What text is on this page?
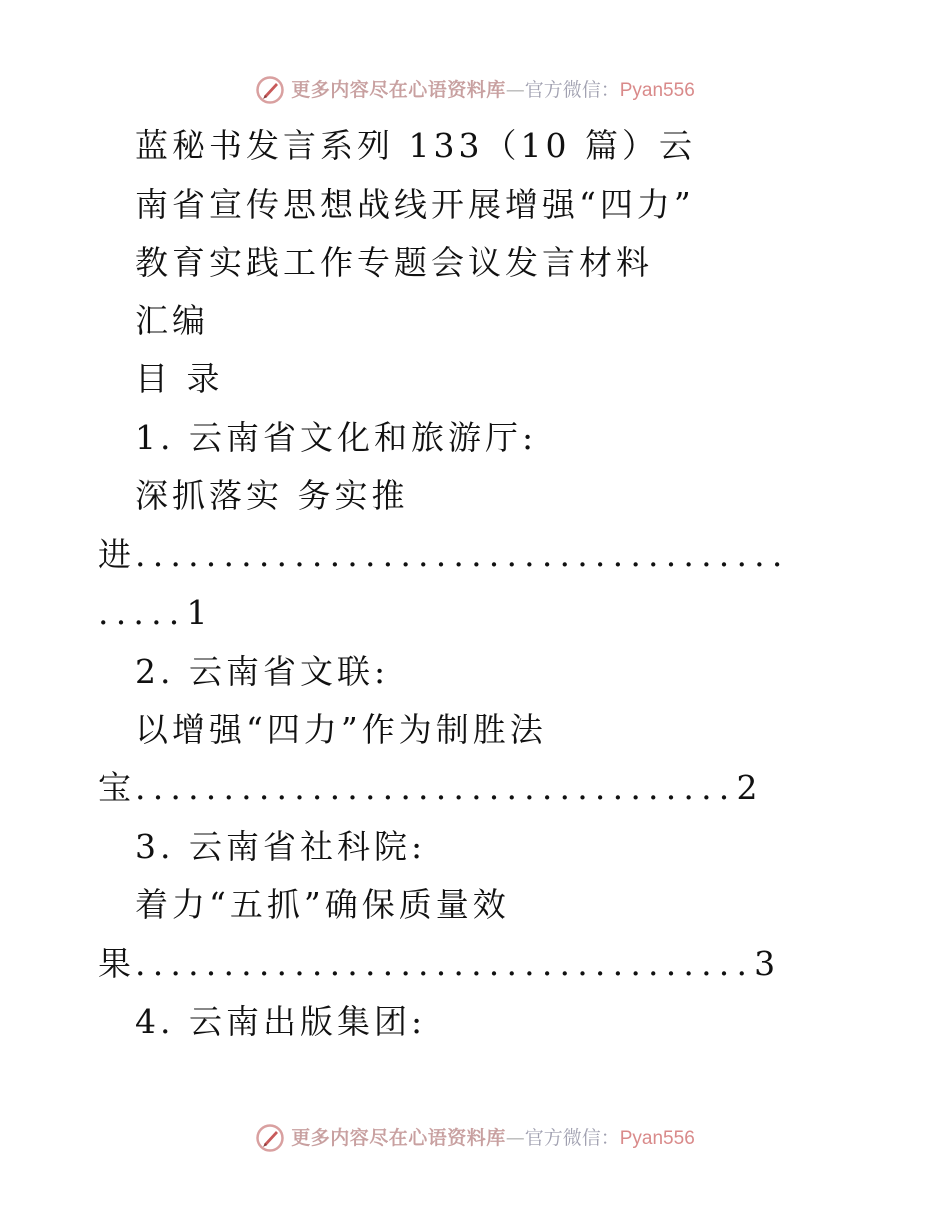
更多内容尽在心语资料库 — 官方微信： Pyan556
蓝秘书发言系列 133（10 篇）云
南省宣传思想战线开展增强“四力”
教育实践工作专题会议发言材料
汇编
目 录
1. 云南省文化和旅游厅:
深抓落实 务实推
进.....................................
.....1
2. 云南省文联:
以增强“四力”作为制胜法
宝..................................2
3. 云南省社科院:
着力“五抓”确保质量效
果...................................3
4. 云南出版集团:
更多内容尽在心语资料库 — 官方微信： Pyan556
